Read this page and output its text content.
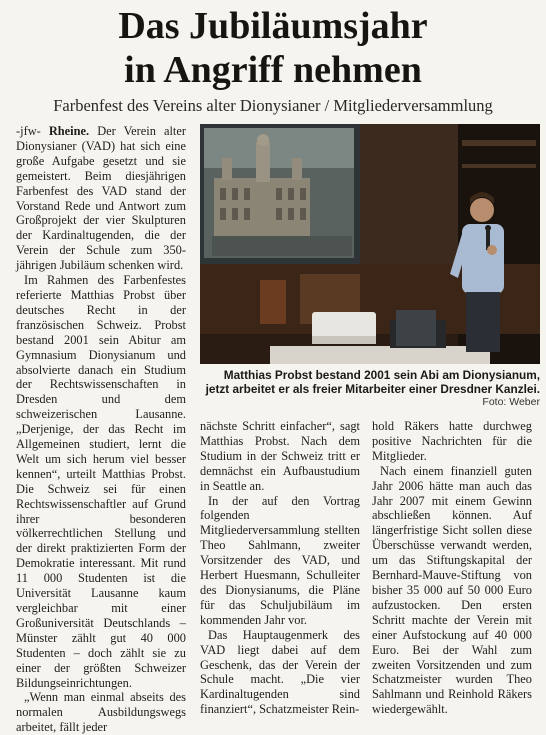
Das Jubiläumsjahr
in Angriff nehmen
Farbenfest des Vereins alter Dionysianer / Mitgliederversammlung

-jfw- Rheine. Der Verein alter Dionysianer (VAD) hat sich eine große Aufgabe gesetzt und sie gemeistert. Beim diesjährigen Farbenfest des VAD stand der Vorstand Rede und Antwort zum Großprojekt der vier Skulpturen der Kardinaltugenden, die der Verein der Schule zum 350-jährigen Jubiläum schenken wird.

Im Rahmen des Farbenfestes referierte Matthias Probst über deutsches Recht in der französischen Schweiz. Probst bestand 2001 sein Abitur am Gymnasium Dionysianum und absolvierte danach ein Studium der Rechtswissenschaften in Dresden und dem schweizerischen Lausanne. „Derjenige, der das Recht im Allgemeinen studiert, lernt die Welt um sich herum viel besser kennen“, urteilt Matthias Probst. Die Schweiz sei für einen Rechtswissenschaftler auf Grund ihrer besonderen völkerrechtlichen Stellung und der direkt praktizierten Form der Demokratie interessant. Mit rund 11 000 Studenten ist die Universität Lausanne kaum vergleichbar mit einer Großuniversität Deutschlands – Münster zählt gut 40 000 Studenten – doch zählt sie zu einer der größten Schweizer Bildungseinrichtungen.

„Wenn man einmal abseits des normalen Ausbildungswegs arbeitet, fällt jeder

Matthias Probst bestand 2001 sein Abi am Dionysianum,
jetzt arbeitet er als freier Mitarbeiter einer Dresdner Kanzlei.
Foto: Weber

nächste Schritt einfacher“, sagt Matthias Probst. Nach dem Studium in der Schweiz tritt er demnächst ein Aufbaustudium in Seattle an.

In der auf den Vortrag folgenden Mitgliederversammlung stellten Theo Sahlmann, zweiter Vorsitzender des VAD, und Herbert Huesmann, Schulleiter des Dionysianums, die Pläne für das Schuljubiläum im kommenden Jahr vor.

Das Hauptaugenmerk des VAD liegt dabei auf dem Geschenk, das der Verein der Schule macht. „Die vier Kardinaltugenden sind finanziert“, Schatzmeister Rein-

hold Räkers hatte durchweg positive Nachrichten für die Mitglieder.

Nach einem finanziell guten Jahr 2006 hätte man auch das Jahr 2007 mit einem Gewinn abschließen können. Auf längerfristige Sicht sollen diese Überschüsse verwandt werden, um das Stiftungskapital der Bernhard-Mauve-Stiftung von bisher 35 000 auf 50 000 Euro aufzustocken. Den ersten Schritt machte der Verein mit einer Aufstockung auf 40 000 Euro. Bei der Wahl zum zweiten Vorsitzenden und zum Schatzmeister wurden Theo Sahlmann und Reinhold Räkers wiedergewählt.
